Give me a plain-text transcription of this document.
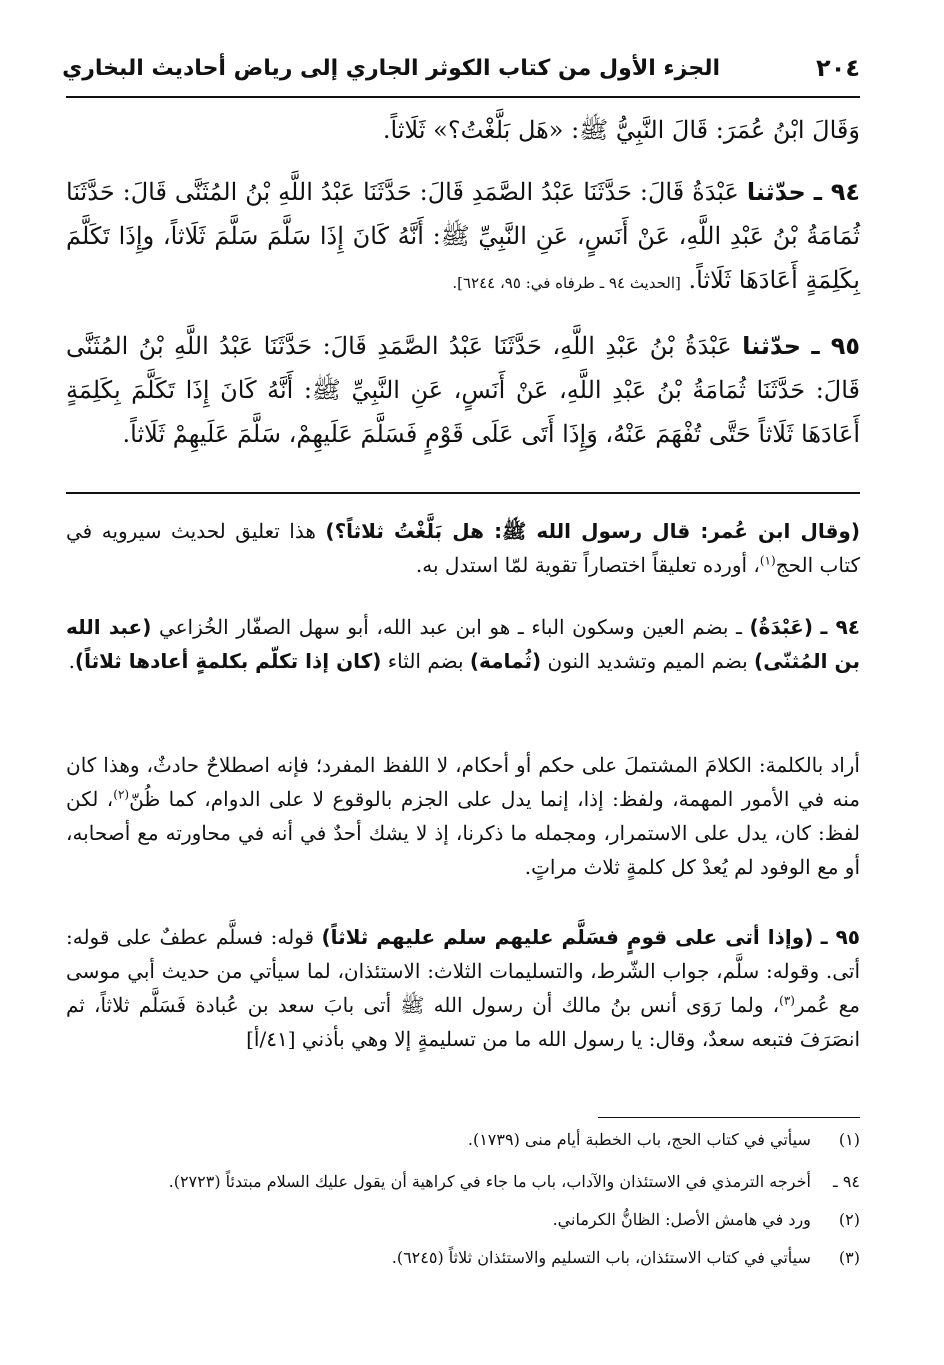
٢٠٤
الجزء الأول من كتاب الكوثر الجاري إلى رياض أحاديث البخاري
وَقَالَ ابْنُ عُمَرَ: قَالَ النَّبِيُّ ﷺ: «هَل بَلَّغْتُ؟» ثَلَاثاً.
٩٤ ـ حدّثنا عَبْدَةُ قَالَ: حَدَّثَنَا عَبْدُ الصَّمَدِ قَالَ: حَدَّثَنَا عَبْدُ اللَّهِ بْنُ المُثَنَّى قَالَ: حَدَّثَنَا ثُمَامَةُ بْنُ عَبْدِ اللَّهِ، عَنْ أَنَسٍ، عَنِ النَّبِيِّ ﷺ: أَنَّهُ كَانَ إِذَا سَلَّمَ سَلَّمَ ثَلَاثاً، وإِذَا تَكَلَّمَ بِكَلِمَةٍ أَعَادَهَا ثَلَاثاً. [الحديث ٩٤ ـ طرفاه في: ٩٥، ٦٢٤٤].
٩٥ ـ حدّثنا عَبْدَةُ بْنُ عَبْدِ اللَّهِ، حَدَّثَنَا عَبْدُ الصَّمَدِ قَالَ: حَدَّثَنَا عَبْدُ اللَّهِ بْنُ المُثَنَّى قَالَ: حَدَّثَنَا ثُمَامَةُ بْنُ عَبْدِ اللَّهِ، عَنْ أَنَسٍ، عَنِ النَّبِيِّ ﷺ: أَنَّهُ كَانَ إِذَا تَكَلَّمَ بِكَلِمَةٍ أَعَادَهَا ثَلَاثاً حَتَّى تُفْهَمَ عَنْهُ، وَإِذَا أَتَى عَلَى قَوْمٍ فَسَلَّمَ عَلَيهِمْ، سَلَّمَ عَلَيهِمْ ثَلَاثاً.
(وقال ابن عُمر: قال رسول الله ﷺ: هل بَلَّغْتُ ثلاثاً؟) هذا تعليق لحديث سيرويه في كتاب الحج$^{(١)}$، أورده تعليقاً اختصاراً تقوية لمّا استدل به.
٩٤ ـ (عَبْدَةُ) ـ بضم العين وسكون الباء ـ هو ابن عبد الله، أبو سهل الصفّار الخُزاعي (عبد الله بن المُثنّى) بضم الميم وتشديد النون (ثُمامة) بضم الثاء (كان إذا تكلّم بكلمةٍ أعادها ثلاثاً).
أراد بالكلمة: الكلامَ المشتملَ على حكم أو أحكام، لا اللفظ المفرد؛ فإنه اصطلاحٌ حادثٌ، وهذا كان منه في الأمور المهمة، ولفظ: إذا، إنما يدل على الجزم بالوقوع لا على الدوام، كما ظُنّ$^{(٢)}$، لكن لفظ: كان، يدل على الاستمرار، ومجمله ما ذكرنا، إذ لا يشك أحدٌ في أنه في محاورته مع أصحابه، أو مع الوفود لم يُعدْ كل كلمةٍ ثلاث مراتٍ.
٩٥ ـ (وإذا أتى على قومٍ فسَلَّم عليهم سلم عليهم ثلاثاً) قوله: فسلَّم عطفٌ على قوله: أتى. وقوله: سلَّم، جواب الشّرط، والتسليمات الثلاث: الاستئذان، لما سيأتي من حديث أبي موسى مع عُمر$^{(٣)}$، ولما رَوَى أنس بنُ مالك أن رسول الله ﷺ أتى بابَ سعد بن عُبادة فَسَلَّم ثلاثاً، ثم انصَرَفَ فتبعه سعدٌ، وقال: يا رسول الله ما من تسليمةٍ إلا وهي بأذني [٤١/أ]
(١) سيأتي في كتاب الحج، باب الخطبة أيام منى (١٧٣٩).
٩٤ ـ أخرجه الترمذي في الاستئذان والآداب، باب ما جاء في كراهية أن يقول عليك السلام مبتدئاً (٢٧٢٣).
(٢) ورد في هامش الأصل: الظانُّ الكرماني.
(٣) سيأتي في كتاب الاستئذان، باب التسليم والاستئذان ثلاثاً (٦٢٤٥).
